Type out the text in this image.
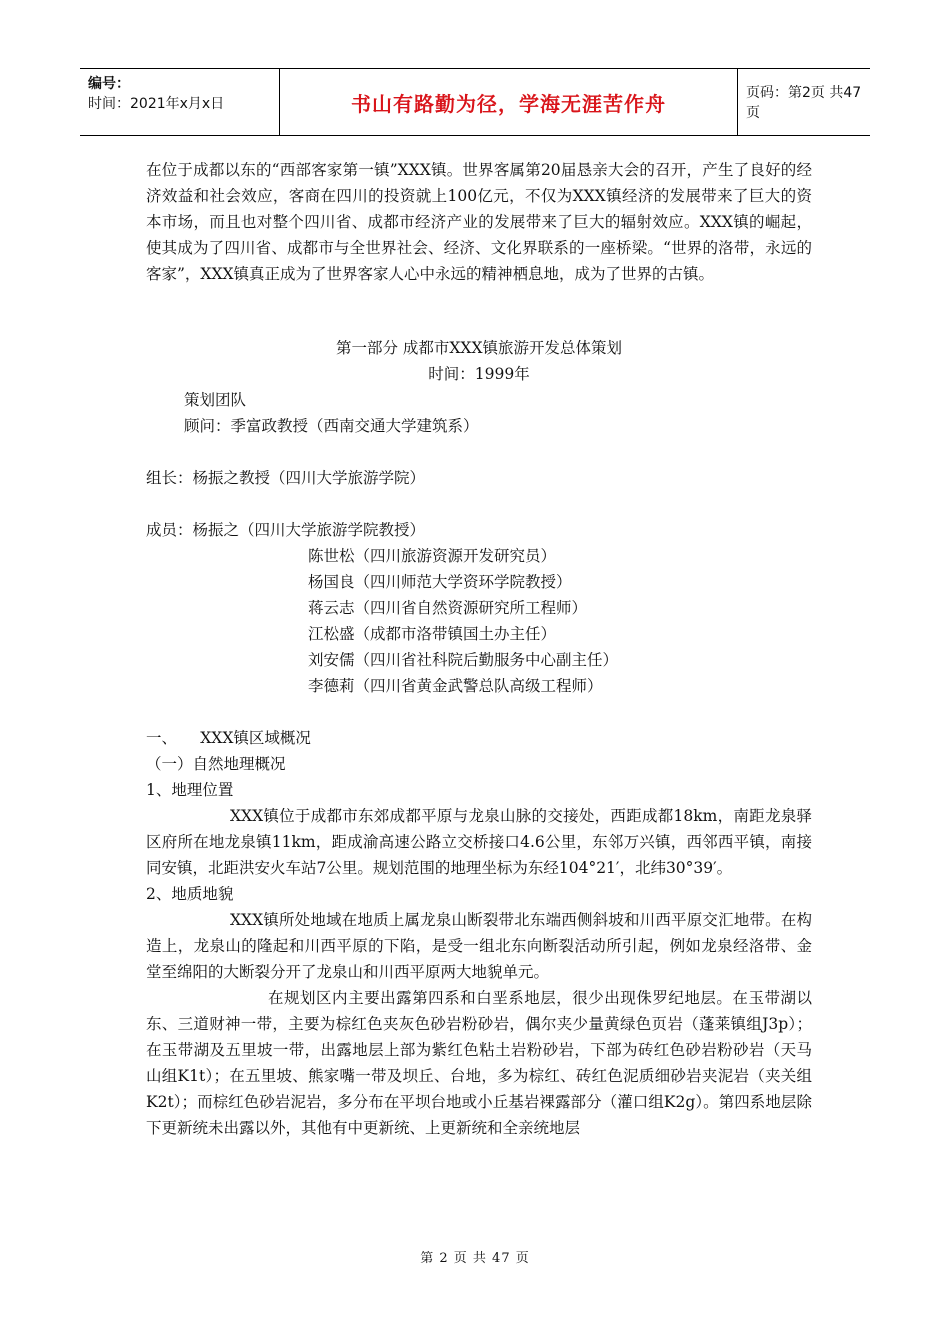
编号：
时间：2021年x月x日	书山有路勤为径，学海无涯苦作舟	页码：第2页 共47页

在位于成都以东的“西部客家第一镇”XXX镇。世界客属第20届恳亲大会的召开，产生了良好的经济效益和社会效应，客商在四川的投资就上100亿元，不仅为XXX镇经济的发展带来了巨大的资本市场，而且也对整个四川省、成都市经济产业的发展带来了巨大的辐射效应。XXX镇的崛起，使其成为了四川省、成都市与全世界社会、经济、文化界联系的一座桥梁。“世界的洛带，永远的客家”，XXX镇真正成为了世界客家人心中永远的精神栖息地，成为了世界的古镇。

第一部分 成都市XXX镇旅游开发总体策划
时间：1999年
策划团队
顾问：季富政教授（西南交通大学建筑系）
组长：杨振之教授（四川大学旅游学院）
成员：杨振之（四川大学旅游学院教授）
陈世松（四川旅游资源开发研究员）
杨国良（四川师范大学资环学院教授）
蒋云志（四川省自然资源研究所工程师）
江松盛（成都市洛带镇国土办主任）
刘安儒（四川省社科院后勤服务中心副主任）
李德莉（四川省黄金武警总队高级工程师）
一、　　XXX镇区域概况
（一）自然地理概况
1、地理位置

XXX镇位于成都市东郊成都平原与龙泉山脉的交接处，西距成都18km，南距龙泉驿区府所在地龙泉镇11km，距成渝高速公路立交桥接口4.6公里，东邻万兴镇，西邻西平镇，南接同安镇，北距洪安火车站7公里。规划范围的地理坐标为东经104°21′，北纬30°39′。

2、地质地貌

XXX镇所处地域在地质上属龙泉山断裂带北东端西侧斜坡和川西平原交汇地带。在构造上，龙泉山的隆起和川西平原的下陷，是受一组北东向断裂活动所引起，例如龙泉经洛带、金堂至绵阳的大断裂分开了龙泉山和川西平原两大地貌单元。

在规划区内主要出露第四系和白垩系地层，很少出现侏罗纪地层。在玉带湖以东、三道财神一带，主要为棕红色夹灰色砂岩粉砂岩，偶尔夹少量黄绿色页岩（蓬莱镇组J3p）；在玉带湖及五里坡一带，出露地层上部为紫红色粘土岩粉砂岩，下部为砖红色砂岩粉砂岩（天马山组K1t）；在五里坡、熊家嘴一带及坝丘、台地，多为棕红、砖红色泥质细砂岩夹泥岩（夹关组K2t）；而棕红色砂岩泥岩，多分布在平坝台地或小丘基岩裸露部分（灌口组K2g）。第四系地层除下更新统未出露以外，其他有中更新统、上更新统和全亲统地层

第 2 页 共 47 页
